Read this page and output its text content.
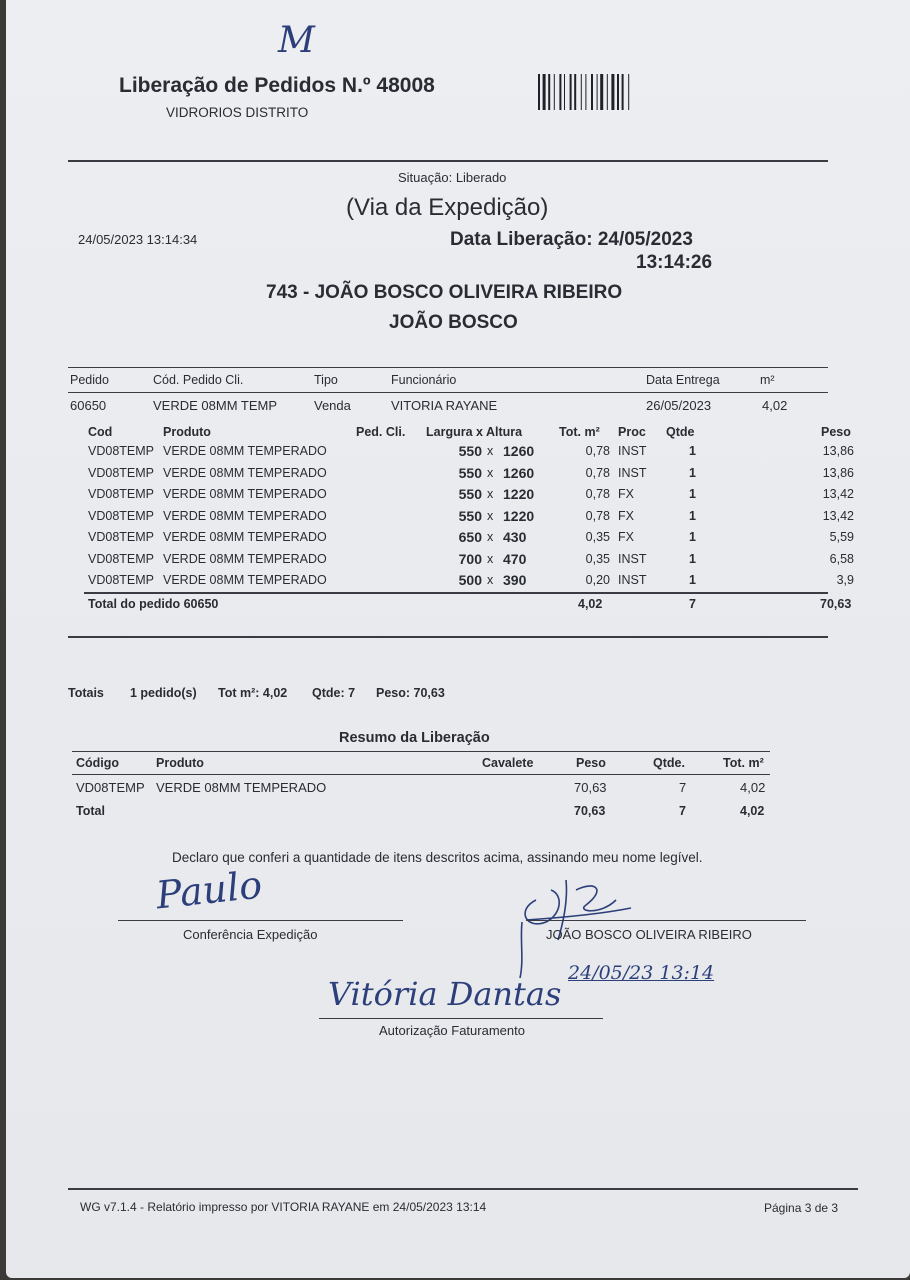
M
Liberação de Pedidos N.º 48008
VIDRORIOS DISTRITO
Situação: Liberado
(Via da Expedição)
24/05/2023 13:14:34	Data Liberação: 24/05/2023
13:14:26
743 - JOÃO BOSCO OLIVEIRA RIBEIRO
JOÃO BOSCO
Pedido	Cód. Pedido Cli.	Tipo	Funcionário	Data Entrega	m²
60650	VERDE 08MM TEMP	Venda	VITORIA RAYANE	26/05/2023	4,02
Cod	Produto	Ped. Cli. Largura x Altura	Tot. m² Proc Qtde	Peso
VD08TEMP VERDE 08MM TEMPERADO	550 x 1260	0,78 INST	1	13,86
VD08TEMP VERDE 08MM TEMPERADO	550 x 1260	0,78 INST	1	13,86
VD08TEMP VERDE 08MM TEMPERADO	550 x 1220	0,78 FX	1	13,42
VD08TEMP VERDE 08MM TEMPERADO	550 x 1220	0,78 FX	1	13,42
VD08TEMP VERDE 08MM TEMPERADO	650 x 430	0,35 FX	1	5,59
VD08TEMP VERDE 08MM TEMPERADO	700 x 470	0,35 INST	1	6,58
VD08TEMP VERDE 08MM TEMPERADO	500 x 390	0,20 INST	1	3,9
Total do pedido 60650	4,02	7	70,63
Totais 1 pedido(s) Tot m²: 4,02 Qtde: 7 Peso: 70,63
Resumo da Liberação
Código	Produto	Cavalete	Peso	Qtde.	Tot. m²
VD08TEMP VERDE 08MM TEMPERADO	70,63	7	4,02
Total	70,63	7	4,02
Declaro que conferi a quantidade de itens descritos acima, assinando meu nome legível.
Paulo
Conferência Expedição	JOÃO BOSCO OLIVEIRA RIBEIRO
24/05/23 13:14
Vitória Dantas
Autorização Faturamento
WG v7.1.4 - Relatório impresso por VITORIA RAYANE em 24/05/2023 13:14	Página 3 de 3
